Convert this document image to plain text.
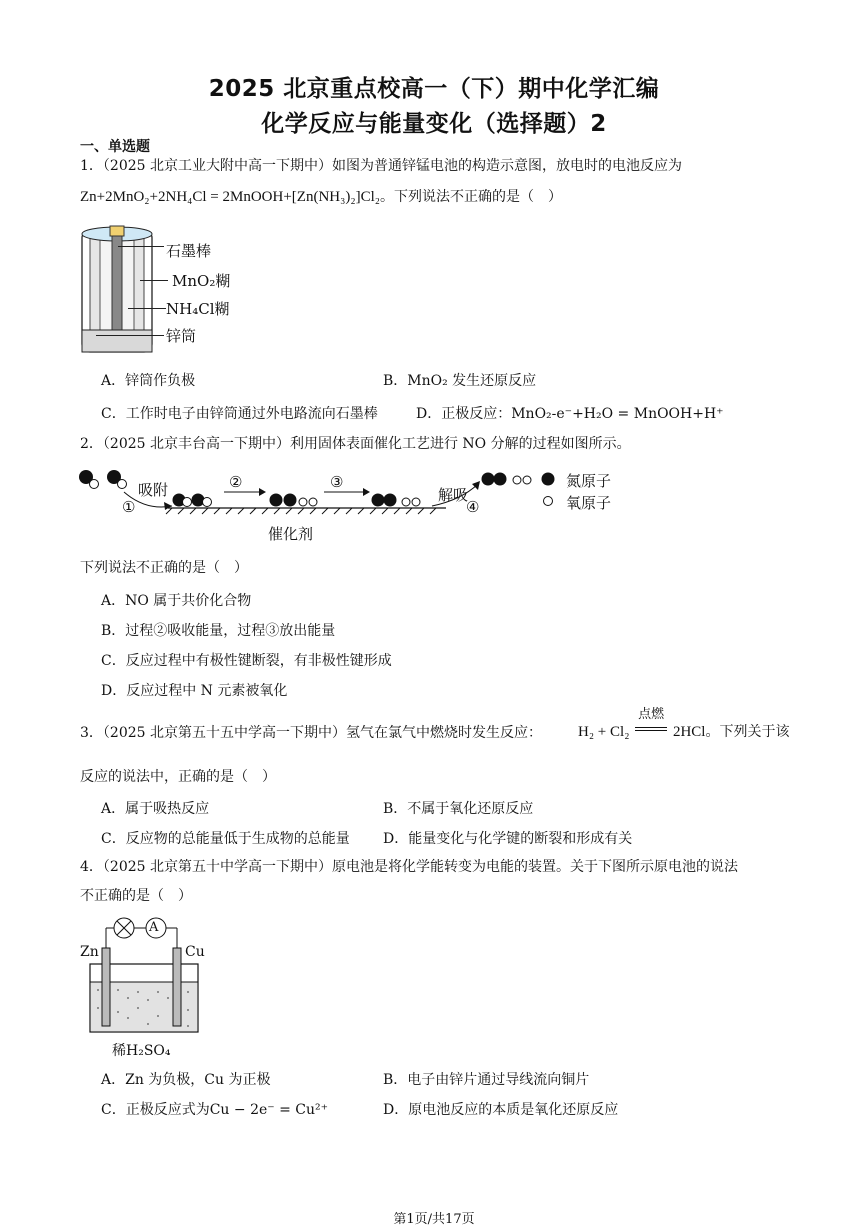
2025 北京重点校高一（下）期中化学汇编
化学反应与能量变化（选择题）2
一、单选题
1．（2025 北京工业大附中高一下期中）如图为普通锌锰电池的构造示意图，放电时的电池反应为
Zn+2MnO₂+2NH₄Cl = 2MnOOH+[Zn(NH₃)₂]Cl₂。下列说法不正确的是（　）
石墨棒
MnO₂糊
NH₄Cl糊
锌筒
A．锌筒作负极	B．MnO₂ 发生还原反应
C．工作时电子由锌筒通过外电路流向石墨棒	D．正极反应：MnO₂-e⁻+H₂O = MnOOH+H⁺
2．（2025 北京丰台高一下期中）利用固体表面催化工艺进行 NO 分解的过程如图所示。
吸附
①
②	③
解吸
④
催化剂
氮原子
氧原子
下列说法不正确的是（　）
A．NO 属于共价化合物
B．过程②吸收能量，过程③放出能量
C．反应过程中有极性键断裂，有非极性键形成
D．反应过程中 N 元素被氧化
3．（2025 北京第五十五中学高一下期中）氢气在氯气中燃烧时发生反应： H₂ + Cl₂
点燃
2HCl。下列关于该
反应的说法中，正确的是（　）
A．属于吸热反应	B．不属于氧化还原反应
C．反应物的总能量低于生成物的总能量 D．能量变化与化学键的断裂和形成有关
4．（2025 北京第五十中学高一下期中）原电池是将化学能转变为电能的装置。关于下图所示原电池的说法
不正确的是（　）
A
Zn	Cu
稀H₂SO₄
A．Zn 为负极，Cu 为正极	B．电子由锌片通过导线流向铜片
C．正极反应式为Cu − 2e⁻ = Cu²⁺	D．原电池反应的本质是氧化还原反应
第1页/共17页
